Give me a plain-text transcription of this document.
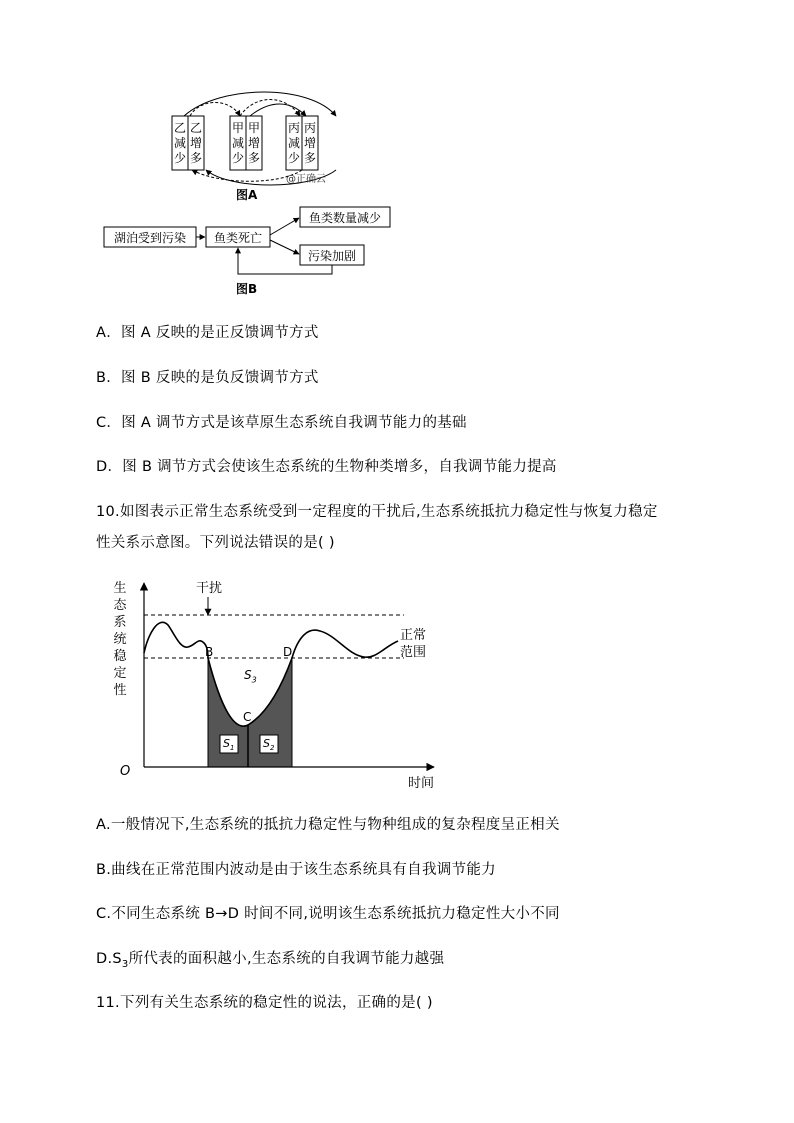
乙
减
少
乙
增
多
甲
减
少
甲
增
多
丙
减
少
丙
增
多
@正确云
图A
湖泊受到污染	鱼类死亡
鱼类数量减少
污染加剧
图B
A．图 A 反映的是正反馈调节方式
B．图 B 反映的是负反馈调节方式
C．图 A 调节方式是该草原生态系统自我调节能力的基础
D．图 B 调节方式会使该生态系统的生物种类增多，自我调节能力提高
10.如图表示正常生态系统受到一定程度的干扰后,生态系统抵抗力稳定性与恢复力稳定
性关系示意图。下列说法错误的是( )
生态系统稳定性
O
时间
干扰
正常
范围
B	D
C
$S_3$
$S_1$	$S_2$
A.一般情况下,生态系统的抵抗力稳定性与物种组成的复杂程度呈正相关
B.曲线在正常范围内波动是由于该生态系统具有自我调节能力
C.不同生态系统 B→D 时间不同,说明该生态系统抵抗力稳定性大小不同
$D.S_3$所代表的面积越小,生态系统的自我调节能力越强
11.下列有关生态系统的稳定性的说法，正确的是( )
